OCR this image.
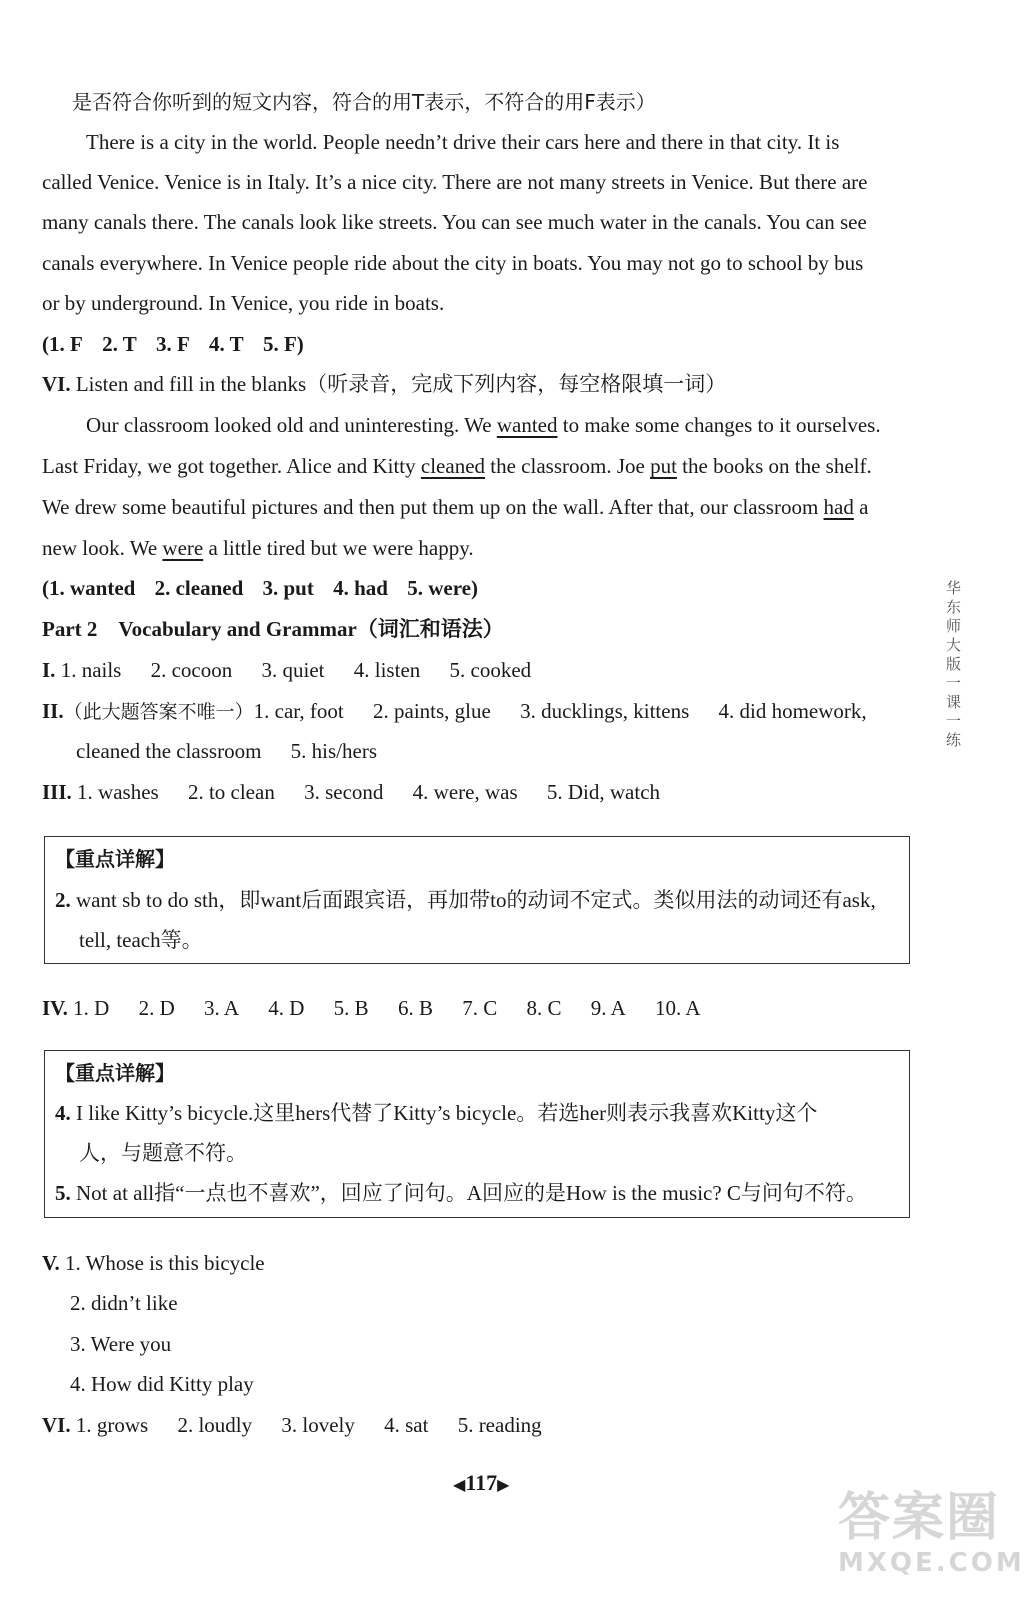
是否符合你听到的短文内容，符合的用T表示，不符合的用F表示）
There is a city in the world. People needn’t drive their cars here and there in that city. It is
called Venice. Venice is in Italy. It’s a nice city. There are not many streets in Venice. But there are
many canals there. The canals look like streets. You can see much water in the canals. You can see
canals everywhere. In Venice people ride about the city in boats. You may not go to school by bus
or by underground. In Venice, you ride in boats.
(1. F 2. T 3. F 4. T 5. F)
VI. Listen and fill in the blanks（听录音，完成下列内容，每空格限填一词）
Our classroom looked old and uninteresting. We wanted to make some changes to it ourselves.
Last Friday, we got together. Alice and Kitty cleaned the classroom. Joe put the books on the shelf.
We drew some beautiful pictures and then put them up on the wall. After that, our classroom had a
new look. We were a little tired but we were happy.
(1. wanted 2. cleaned 3. put 4. had 5. were)
Part 2　Vocabulary and Grammar（词汇和语法）
I. 1. nails 2. cocoon 3. quiet 4. listen 5. cooked
II.（此大题答案不唯一）1. car, foot 2. paints, glue 3. ducklings, kittens 4. did homework,
cleaned the classroom 5. his/hers
III. 1. washes 2. to clean 3. second 4. were, was 5. Did, watch
【重点详解】
2. want sb to do sth，即want后面跟宾语，再加带to的动词不定式。类似用法的动词还有ask,
tell, teach等。
IV. 1. D 2. D 3. A 4. D 5. B 6. B 7. C 8. C 9. A 10. A
【重点详解】
4. I like Kitty’s bicycle.这里hers代替了Kitty’s bicycle。若选her则表示我喜欢Kitty这个
人，与题意不符。
5. Not at all指“一点也不喜欢”，回应了问句。A回应的是How is the music? C与问句不符。
V. 1. Whose is this bicycle
2. didn’t like
3. Were you
4. How did Kitty play
VI. 1. grows 2. loudly 3. lovely 4. sat 5. reading
华东师大版一课一练
◀117▶
答案圈
MXQE.COM
